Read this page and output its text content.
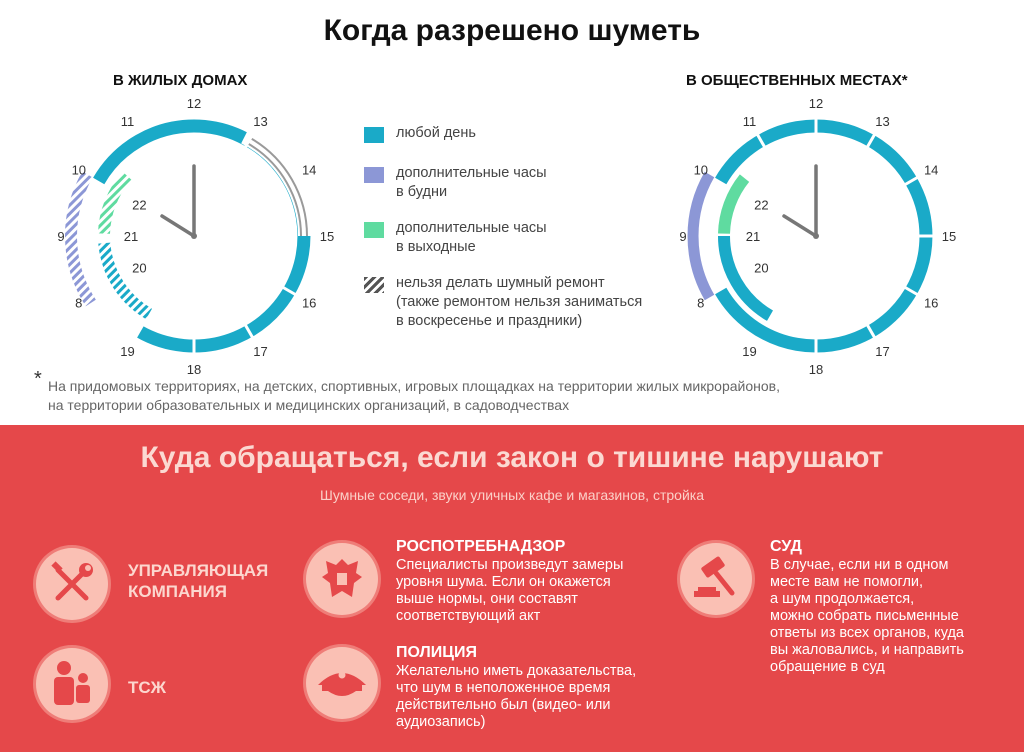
Когда разрешено шуметь
В ЖИЛЫХ ДОМАХ
8
9
10
11
12
13
14
15
16
17
18
19
20
21
22
В ОБЩЕСТВЕННЫХ МЕСТАХ*
8
9
10
11
12
13
14
15
16
17
18
19
20
21
22
любой день
дополнительные часы
в будни
дополнительные часы
в выходные
нельзя делать шумный ремонт
(также ремонтом нельзя заниматься
в воскресенье и праздники)
* На придомовых территориях, на детских, спортивных, игровых площадках на территории жилых микрорайонов,
на территории образовательных и медицинских организаций, в садоводчествах
Куда обращаться, если закон о тишине нарушают
Шумные соседи, звуки уличных кафе и магазинов, стройка
УПРАВЛЯЮЩАЯ
КОМПАНИЯ
ТСЖ
РОСПОТРЕБНАДЗОР
Специалисты произведут замеры
уровня шума. Если он окажется
выше нормы, они составят
соответствующий акт
ПОЛИЦИЯ
Желательно иметь доказательства,
что шум в неположенное время
действительно был (видео- или
аудиозапись)
СУД
В случае, если ни в одном
месте вам не помогли,
а шум продолжается,
можно собрать письменные
ответы из всех органов, куда
вы жаловались, и направить
обращение в суд
